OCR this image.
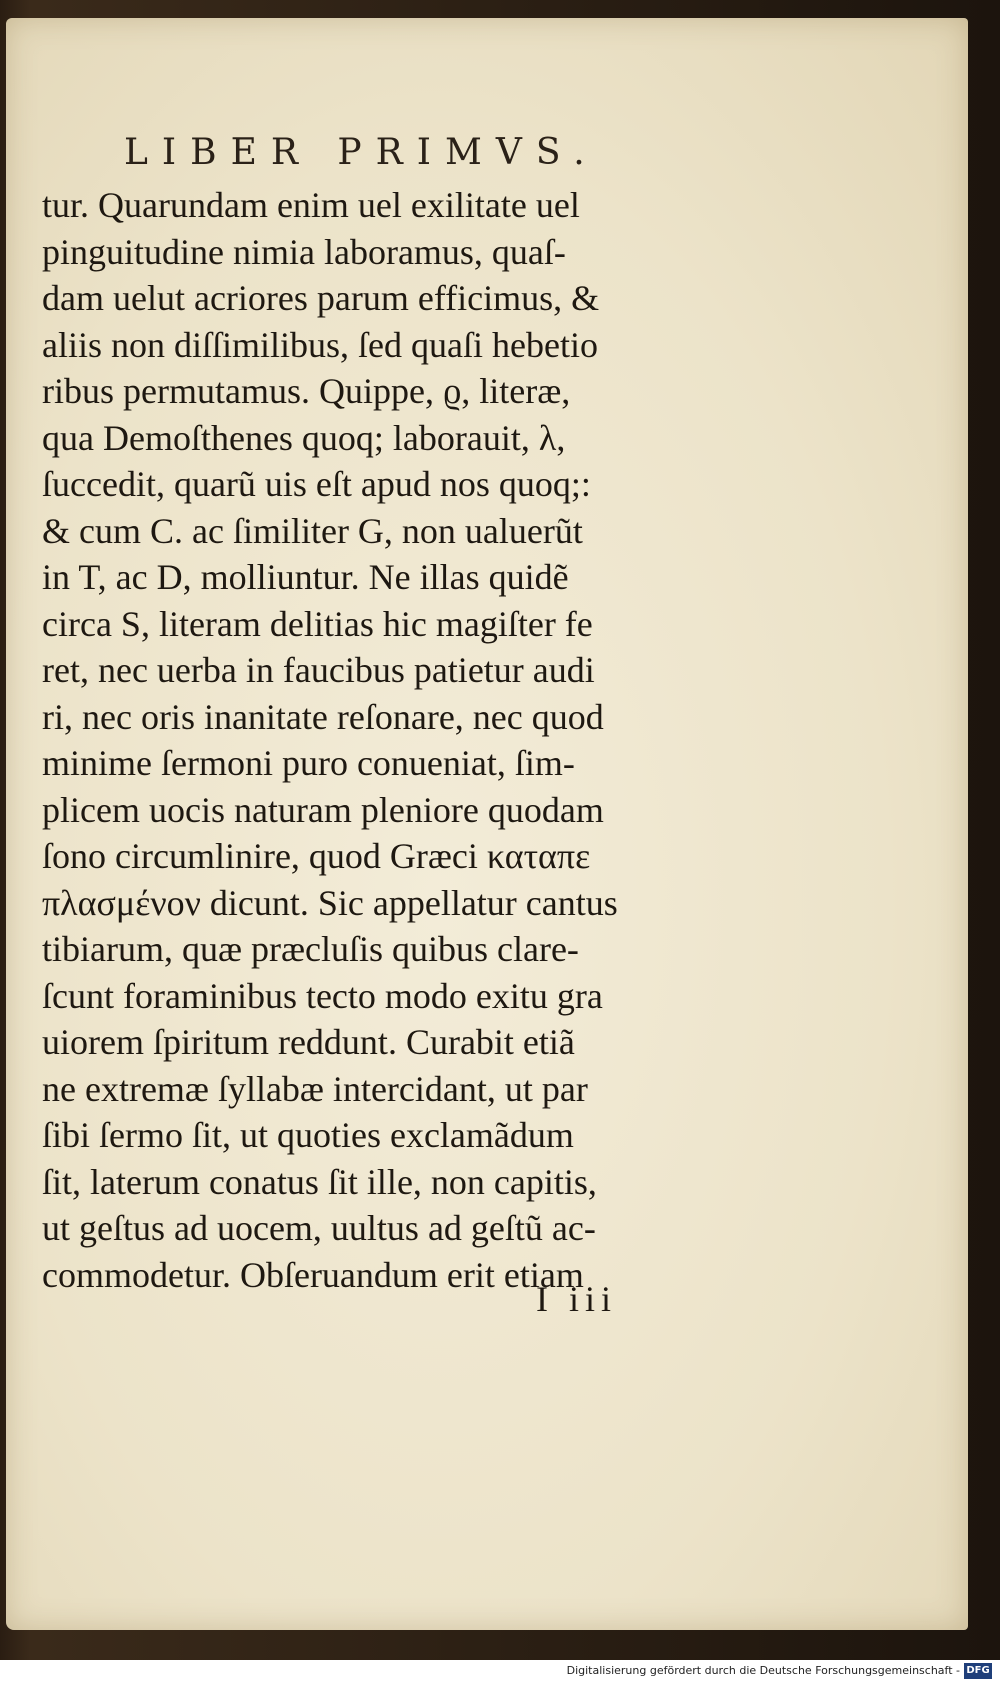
LIBER PRIMVS.
tur. Quarundam enim uel exilitate uel
pinguitudine nimia laboramus, quaſ-
dam uelut acriores parum efficimus, &
aliis non diſſimilibus, ſed quaſi hebetio
ribus permutamus. Quippe, ϱ, literæ,
qua Demoſthenes quoq; laborauit, λ,
ſuccedit, quarũ uis eſt apud nos quoq;:
& cum C. ac ſimiliter G, non ualuerũt
in T, ac D, molliuntur. Ne illas quidẽ
circa S, literam delitias hic magiſter fe
ret, nec uerba in faucibus patietur audi
ri, nec oris inanitate reſonare, nec quod
minime ſermoni puro conueniat, ſim-
plicem uocis naturam pleniore quodam
ſono circumlinire, quod Græci καταπε
πλασμένον dicunt. Sic appellatur cantus
tibiarum, quæ præcluſis quibus clare-
ſcunt foraminibus tecto modo exitu gra
uiorem ſpiritum reddunt. Curabit etiã
ne extremæ ſyllabæ intercidant, ut par
ſibi ſermo ſit, ut quoties exclamãdum
ſit, laterum conatus ſit ille, non capitis,
ut geſtus ad uocem, uultus ad geſtũ ac-
commodetur. Obſeruandum erit etiam
I iii
Digitalisierung gefördert durch die Deutsche Forschungsgemeinschaft - DFG
